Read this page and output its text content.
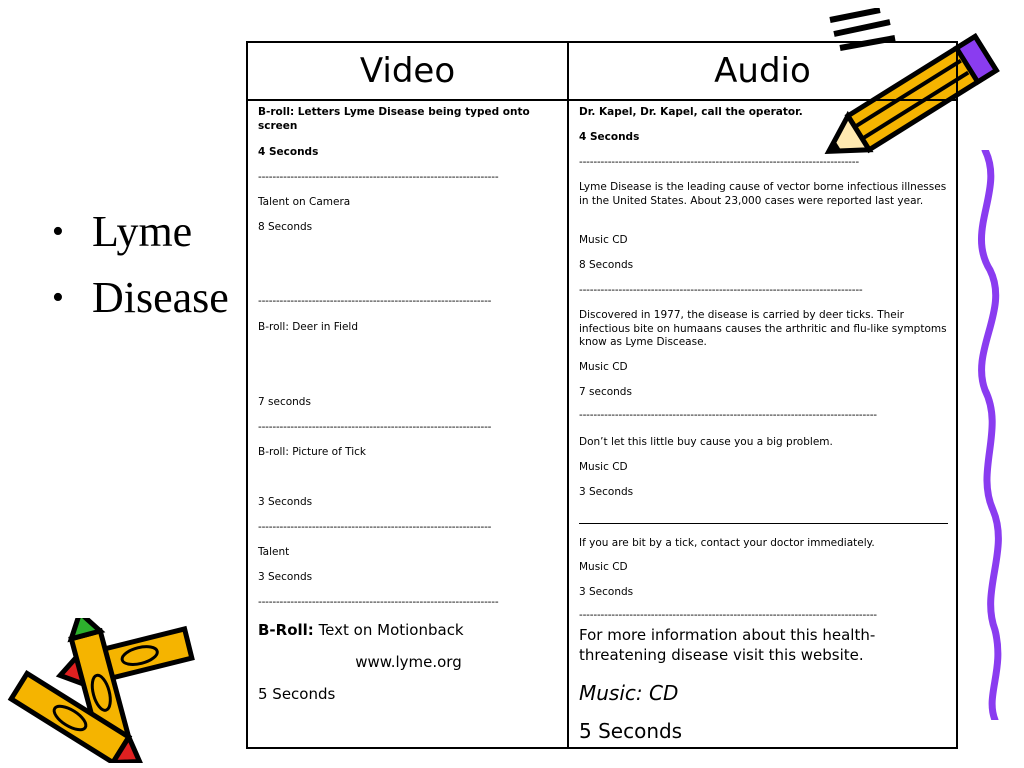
• Lyme
• Disease
Video	Audio
B-roll: Letters Lyme Disease being typed onto screen
4 Seconds
-------------------------------------------------------------------
Talent on Camera
8 Seconds
-----------------------------------------------------------------
B-roll: Deer in Field
7 seconds
-----------------------------------------------------------------
B-roll: Picture of Tick
3 Seconds
-----------------------------------------------------------------
Talent
3 Seconds
-------------------------------------------------------------------
B-Roll: Text on Motionback
www.lyme.org
5 Seconds
Dr. Kapel, Dr. Kapel, call the operator.
4 Seconds
------------------------------------------------------------------------------
Lyme Disease is the leading cause of vector borne infectious illnesses in the United States. About 23,000 cases were reported last year.
Music CD
8 Seconds
-------------------------------------------------------------------------------
Discovered in 1977, the disease is carried by deer ticks. Their infectious bite on humaans causes the arthritic and flu-like symptoms know as Lyme Discease.
Music CD
7 seconds
-----------------------------------------------------------------------------------
Don’t let this little buy cause you a big problem.
Music CD
3 Seconds
If you are bit by a tick, contact your doctor immediately.
Music CD
3 Seconds
-----------------------------------------------------------------------------------
For more information about this health-threatening disease visit this website.
Music: CD
5 Seconds
